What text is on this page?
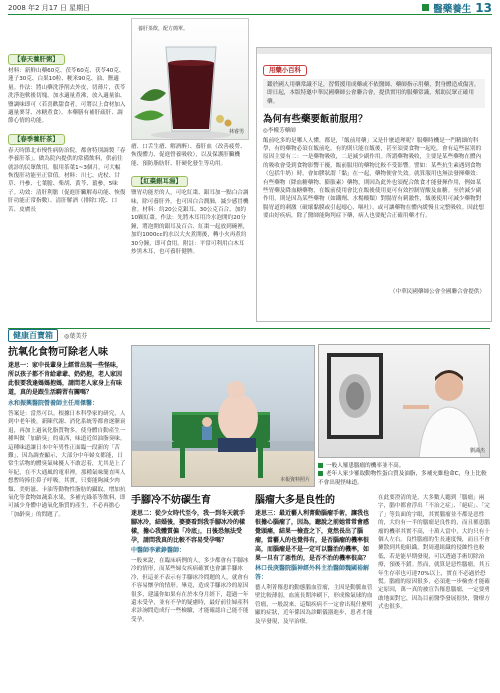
2008 年2 月17 日 星期日	醫藥養生 13
【春天養肝粥】
材料：新鮮山藥60克、茯苓60克、茯苓40克、蓮子30克、白果10粒、粳米90克、油、鹽適量。作法：將山藥洗淨削去外皮，切薄片，茯苓洗淨泡軟後切塊，加水適量煮沸，放入適量油、鹽調味即可（若喜歡甜食者，可將以上食材加入適量麥芽、冰糖煮食）。本藥膳有補肝疏肝、調節心情的功能。
【春季養肝茶】
春天時節北市慢性病防治院，都會特別調製「春季養肝茶」，做為院內提供的常備飲料，供前往就診的民眾飲用。服用茶葉1~3個月，可大幅恢復肝功能至正常值。材料：川七、虎杖、甘草、丹參、七葉膽、柴胡、黃芩、薑參，5味子。功效：清肝利膽（促進肝臟解毒功能、恢復肝功能正常指數）、清肝解酒（排除口乾、口苦、皮膚長
養肝茶飲，配方簡單。
林睿男
瘡、口舌生瘡、解酒醉）、養肝血（改善疲勞、恢復體力、促進營養吸收），以及保護肝臟機能、預防脂肪肝、肝硬化發生等功用。
【紅棗銀耳湯】
鹽胃功能差的人，可吃紅棗、銀耳加一點白合調味，除可養肝外，也可因白合潤肺，滅少感冒機會。材料：約20公克銀耳、30公克百合、加約10顆紅棗。作法：先將木耳用冷水泡開約20分鐘，將泡開的銀耳及百合、紅棗一起放到碗裡，加約1000cc的水以大火煮開後，轉小火再煮約30分鐘，即可食用。附註：平常可利用白木耳炒黑木耳，也可養肝健脾。
用藥小百科
鑑於國人用藥常識不足，習慣援用成藥或不依醫師、藥師指示用藥，對身體造成傷害，即日起，本版特邀中華民國藥師公會聯合會，提供實用的服藥常識，幫助民眾正確用藥。
為何有些藥要飯前服用？
◎李權芳藥師
飯前吃多的是哪人人懂，都是，「飯前用藥」又是什麼道理呢？服藥時機是一門精細的科學，有的藥物必須在飯前吃，有的則只能在飯後，甚至須要食物一起吃。會有這些區別的原因主要有二：一是藥物吸收，二是減少副作用。所謂藥物吸收，主要是某些藥物在體內的吸收會受到食物影響干擾，飯前服用的藥物比較不受影響。譬如：某些抗生素遇到食物（包括牛奶）時，會如膠狀謂「黏」在一起，藥物便會失效。就算服用也無法發揮藥效：有些藥物（降血糖藥物、膨脹素）藥物，則因為此外也須配合飲食才能發揮作用，例如某些胃藥及降血糖藥物，在飯前使用會比在飯後使用更可有效控制胃酸及血糖。至於減少副作用，則是因為某些藥物（如鐵劑、水楊酸類）對腸胃有刺激性，飯後使用可減少藥物對腸胃道的刺激（破壞黏膜或引起噁心、嘔吐），或可讓藥物在體內緩慢且完整吸收。因此想要由好疾病，除了醫師能夠判症下藥，病人也要配合正確用藥才行。
（中華民國藥師公會全國聯合會提供）
健康百寶箱	◎葉美芬
抗氧化食物可除老人味
迷思一：家中長輩身上經常出現一些怪味，所以孩子都不肯給爺爺、奶奶抱，老人家因此很要我逢媽媽抱媽，請問老人家身上有味道，真的是跟生活騎習有關嗎？
永和振興醫院營養師主任周傑馨：
答案是：當然可以。根據日本科學家的研究，人到中老年後，新陳代謝、消化系統等都會逐漸衰退，再加上過氧化脂質物多，使身體自動產生一種叫做「加齡臭」的東西，味道近似油脂臭味。這種味道讓日本中年男性正面臨一段新的「苦難」，因為調查顯示，大部分中年婦女都能，日常生活物的體臭氣味擾人不敢忍着，尤其是上了年紀，在不大通風的電車裡，那種氣味簡直叫人想暫時捧住鼻子呼吸。其實，只要能夠減少肉類、美奶滋、卡油等動物性脂肪的攝取，增加抗氧化等食物如蔬菜水果，多補充綠茶等飲料，即可減少身體中過氧化脂質的產生，不必再擔心「加齡臭」的問題了。
本報資料照片
劉滿杰
一般人罹患腦瘤的機率並不高。
老年人家少罹取動物性蛋白質及油脂，多補充維他命C，身上比較不會出現怪味道。
手腳冷不妨碳生育
迷思二：從少女時代至今，我一到冬天就手腳冰冷，結婚後，婆婆看到我手腳冰冷的樣樣，擔心我體質偏「冷底」，日後恐無法受孕，請問我真的比較不容易受孕嗎？
中醫師李素錚醫師：
一般來說，在臨床病例的人，多少都會有手腳冰冷的情形，而某些婦女疾病確實也會讓手腳冰冷，但這並不表示有手腳冰冷問題的人，就會有不容易懷孕的情形。畢竟，造成手腳冰冷的原因很多，建議你如果有在於本身月經下，超過一年還未受孕，並有不孕的疑慮時，最好前往婦產科求診詢問造成行一些檢驗，才能確認自己能不能受孕。
腦瘤大多是良性的
迷思三：最近藝人利菁動腦瘤手術，讓我也很擔心腦瘤了，因為，聽說之前她常常會感覺頭痛，結果一檢查之下，竟然長出了腦瘤，當藝人的也覺得有，是否腦瘤的機率很高，而腦瘤是不是一定可以醫治的機率，如果一旦有了惡性的，是否不治的機率很高？
林口長庚醫院腦神經外科主治醫師魏國裕解答：
藝人利菁罹患的動態腦血管瘤，主因是動脈血管壁比較薄弱，血流長期沖刷下，形成像氣球的血管瘤，一般說來，這類疾病不一定會出現什麼明顯的症狀，近年係因為診斷儀器進步，患者才能及早發現，及早治療。
在此要澄清的是，大多數人聽到「腦瘤」兩字，腦中都會浮出「不治之症」、「絕症」、「完了」等負面的字眼，其實腦瘤並不都是惡性的，大約有一半的腦瘤是良性的，而且罹患腦瘤的機率其實不高，十萬人當中，大約只有十個人左右。良性腦瘤的生長速度慢，而且不會擴散到其他組織，對周邊組織的侵蝕性也較低，若是能早期發現，可以透過手術切除治療，預後不錯。然而，就算是惡性腦瘤，其五年生存率也可達70%以上，實在不必過於恐慌。腦瘤的原因很多，必須進一步檢查才能確定原因，萬一真的被宣告罹患腦瘤，一定要勇敢地面對它，因為目前醫學發展很快，醫療方式也很多。
